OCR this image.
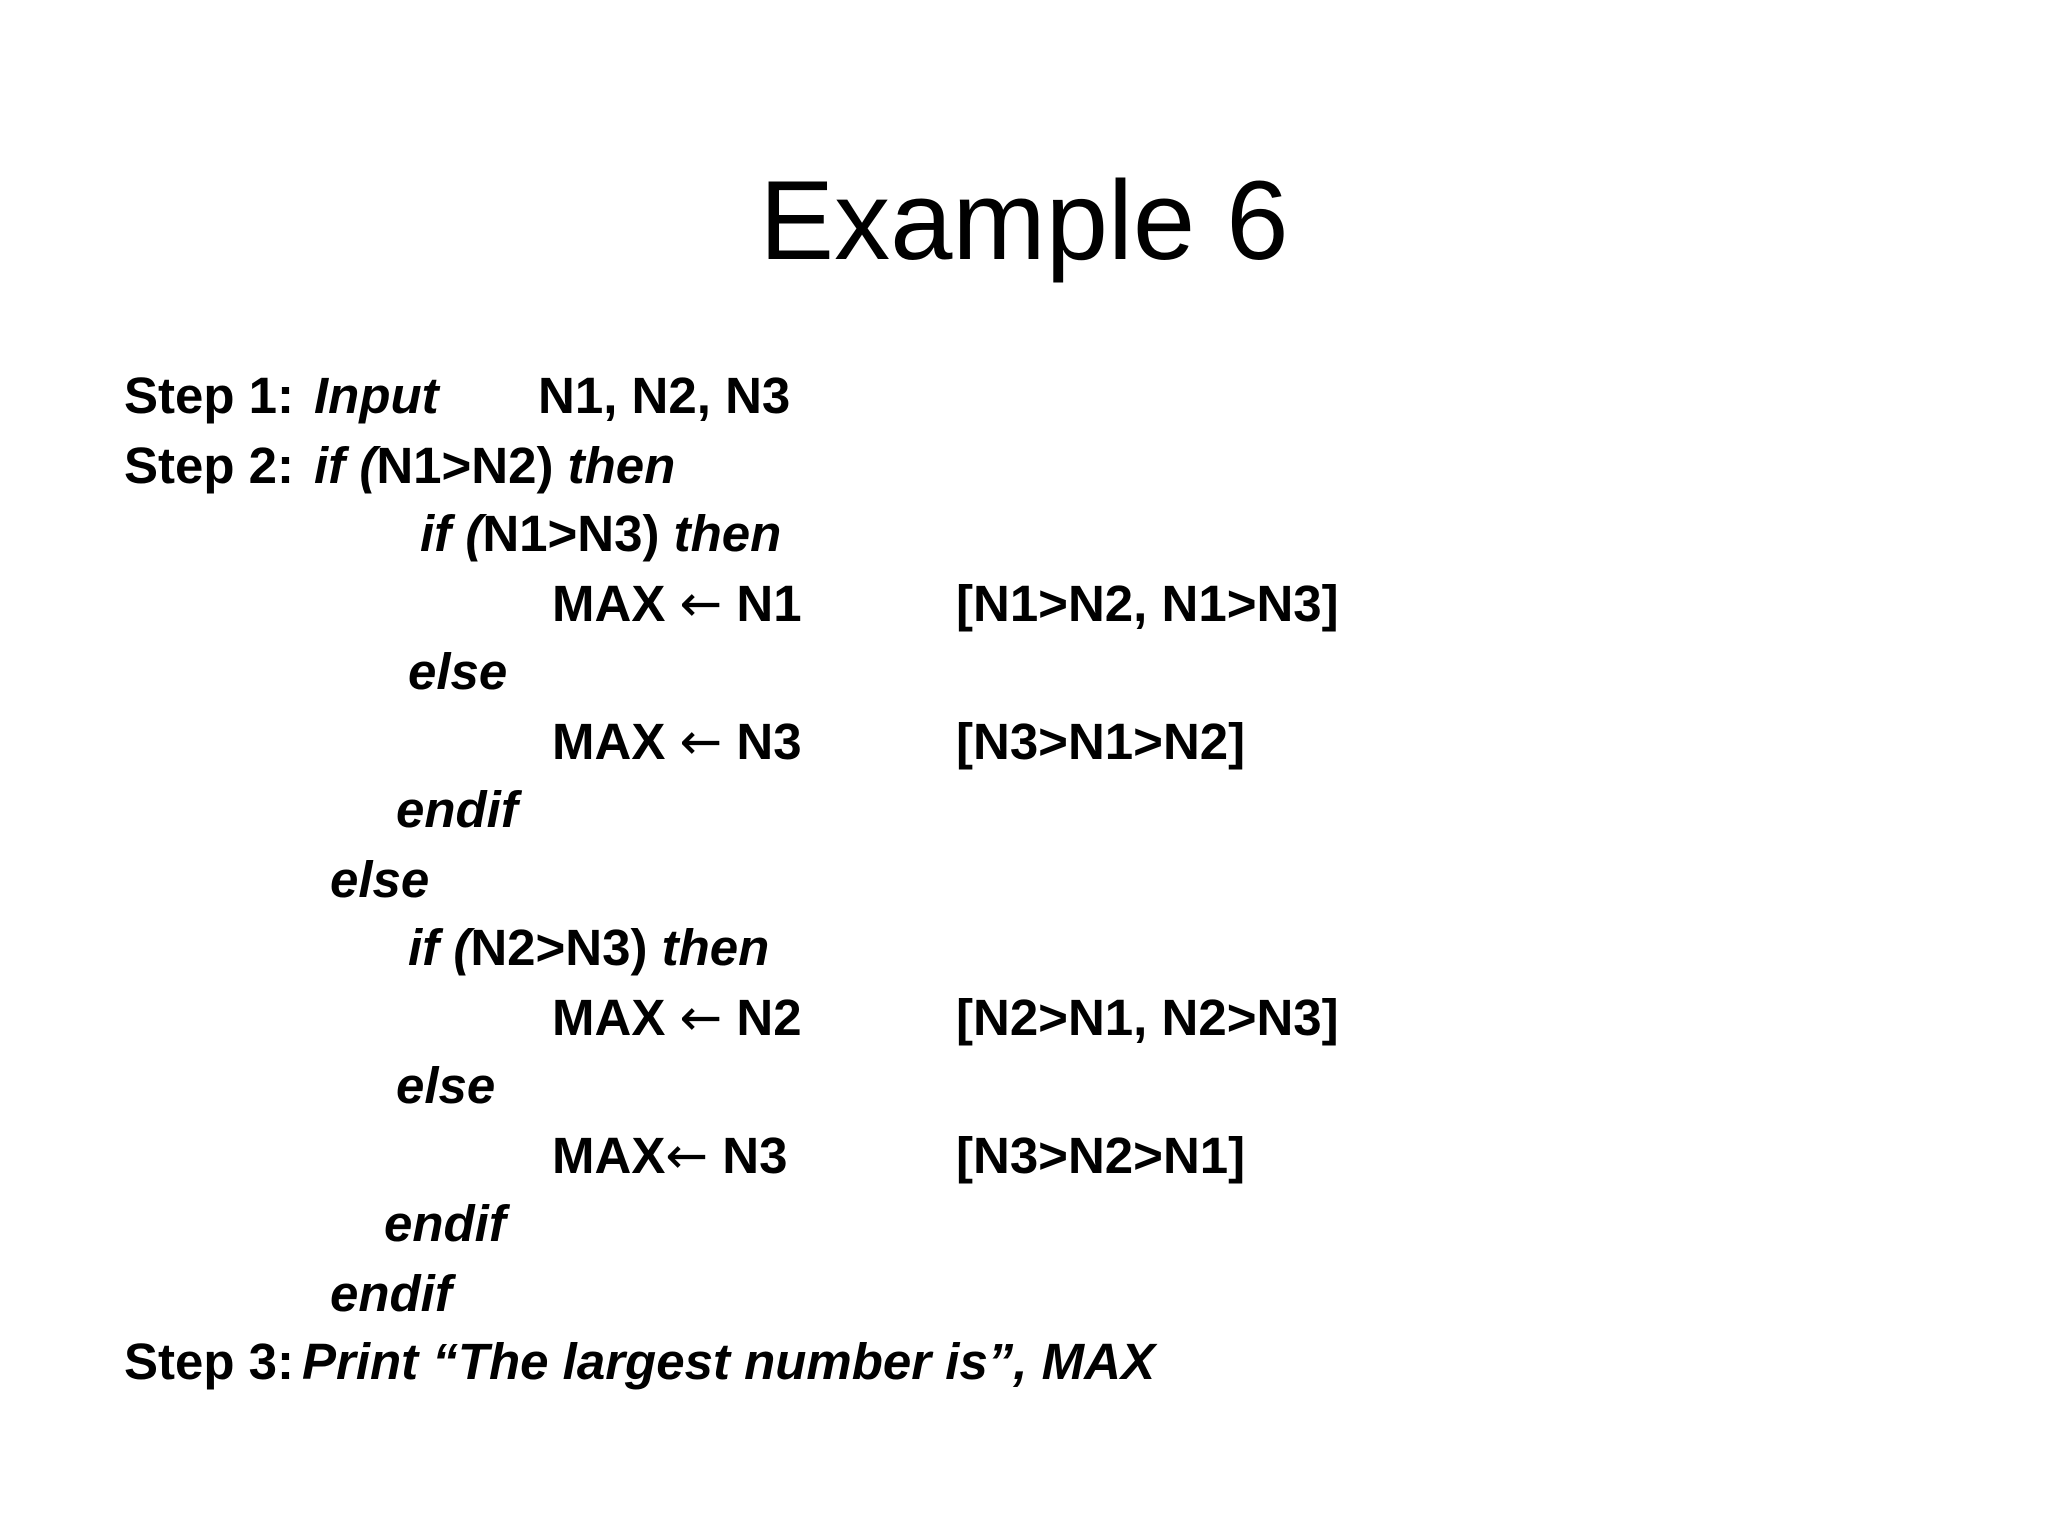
Example 6
Step 1: Input N1, N2, N3
Step 2: if (N1>N2) then
if (N1>N3) then
MAX ← N1	[N1>N2, N1>N3]
else
MAX ← N3	[N3>N1>N2]
endif
else
if (N2>N3) then
MAX ← N2	[N2>N1, N2>N3]
else
MAX← N3	[N3>N2>N1]
endif
endif
Step 3: Print “The largest number is”, MAX
